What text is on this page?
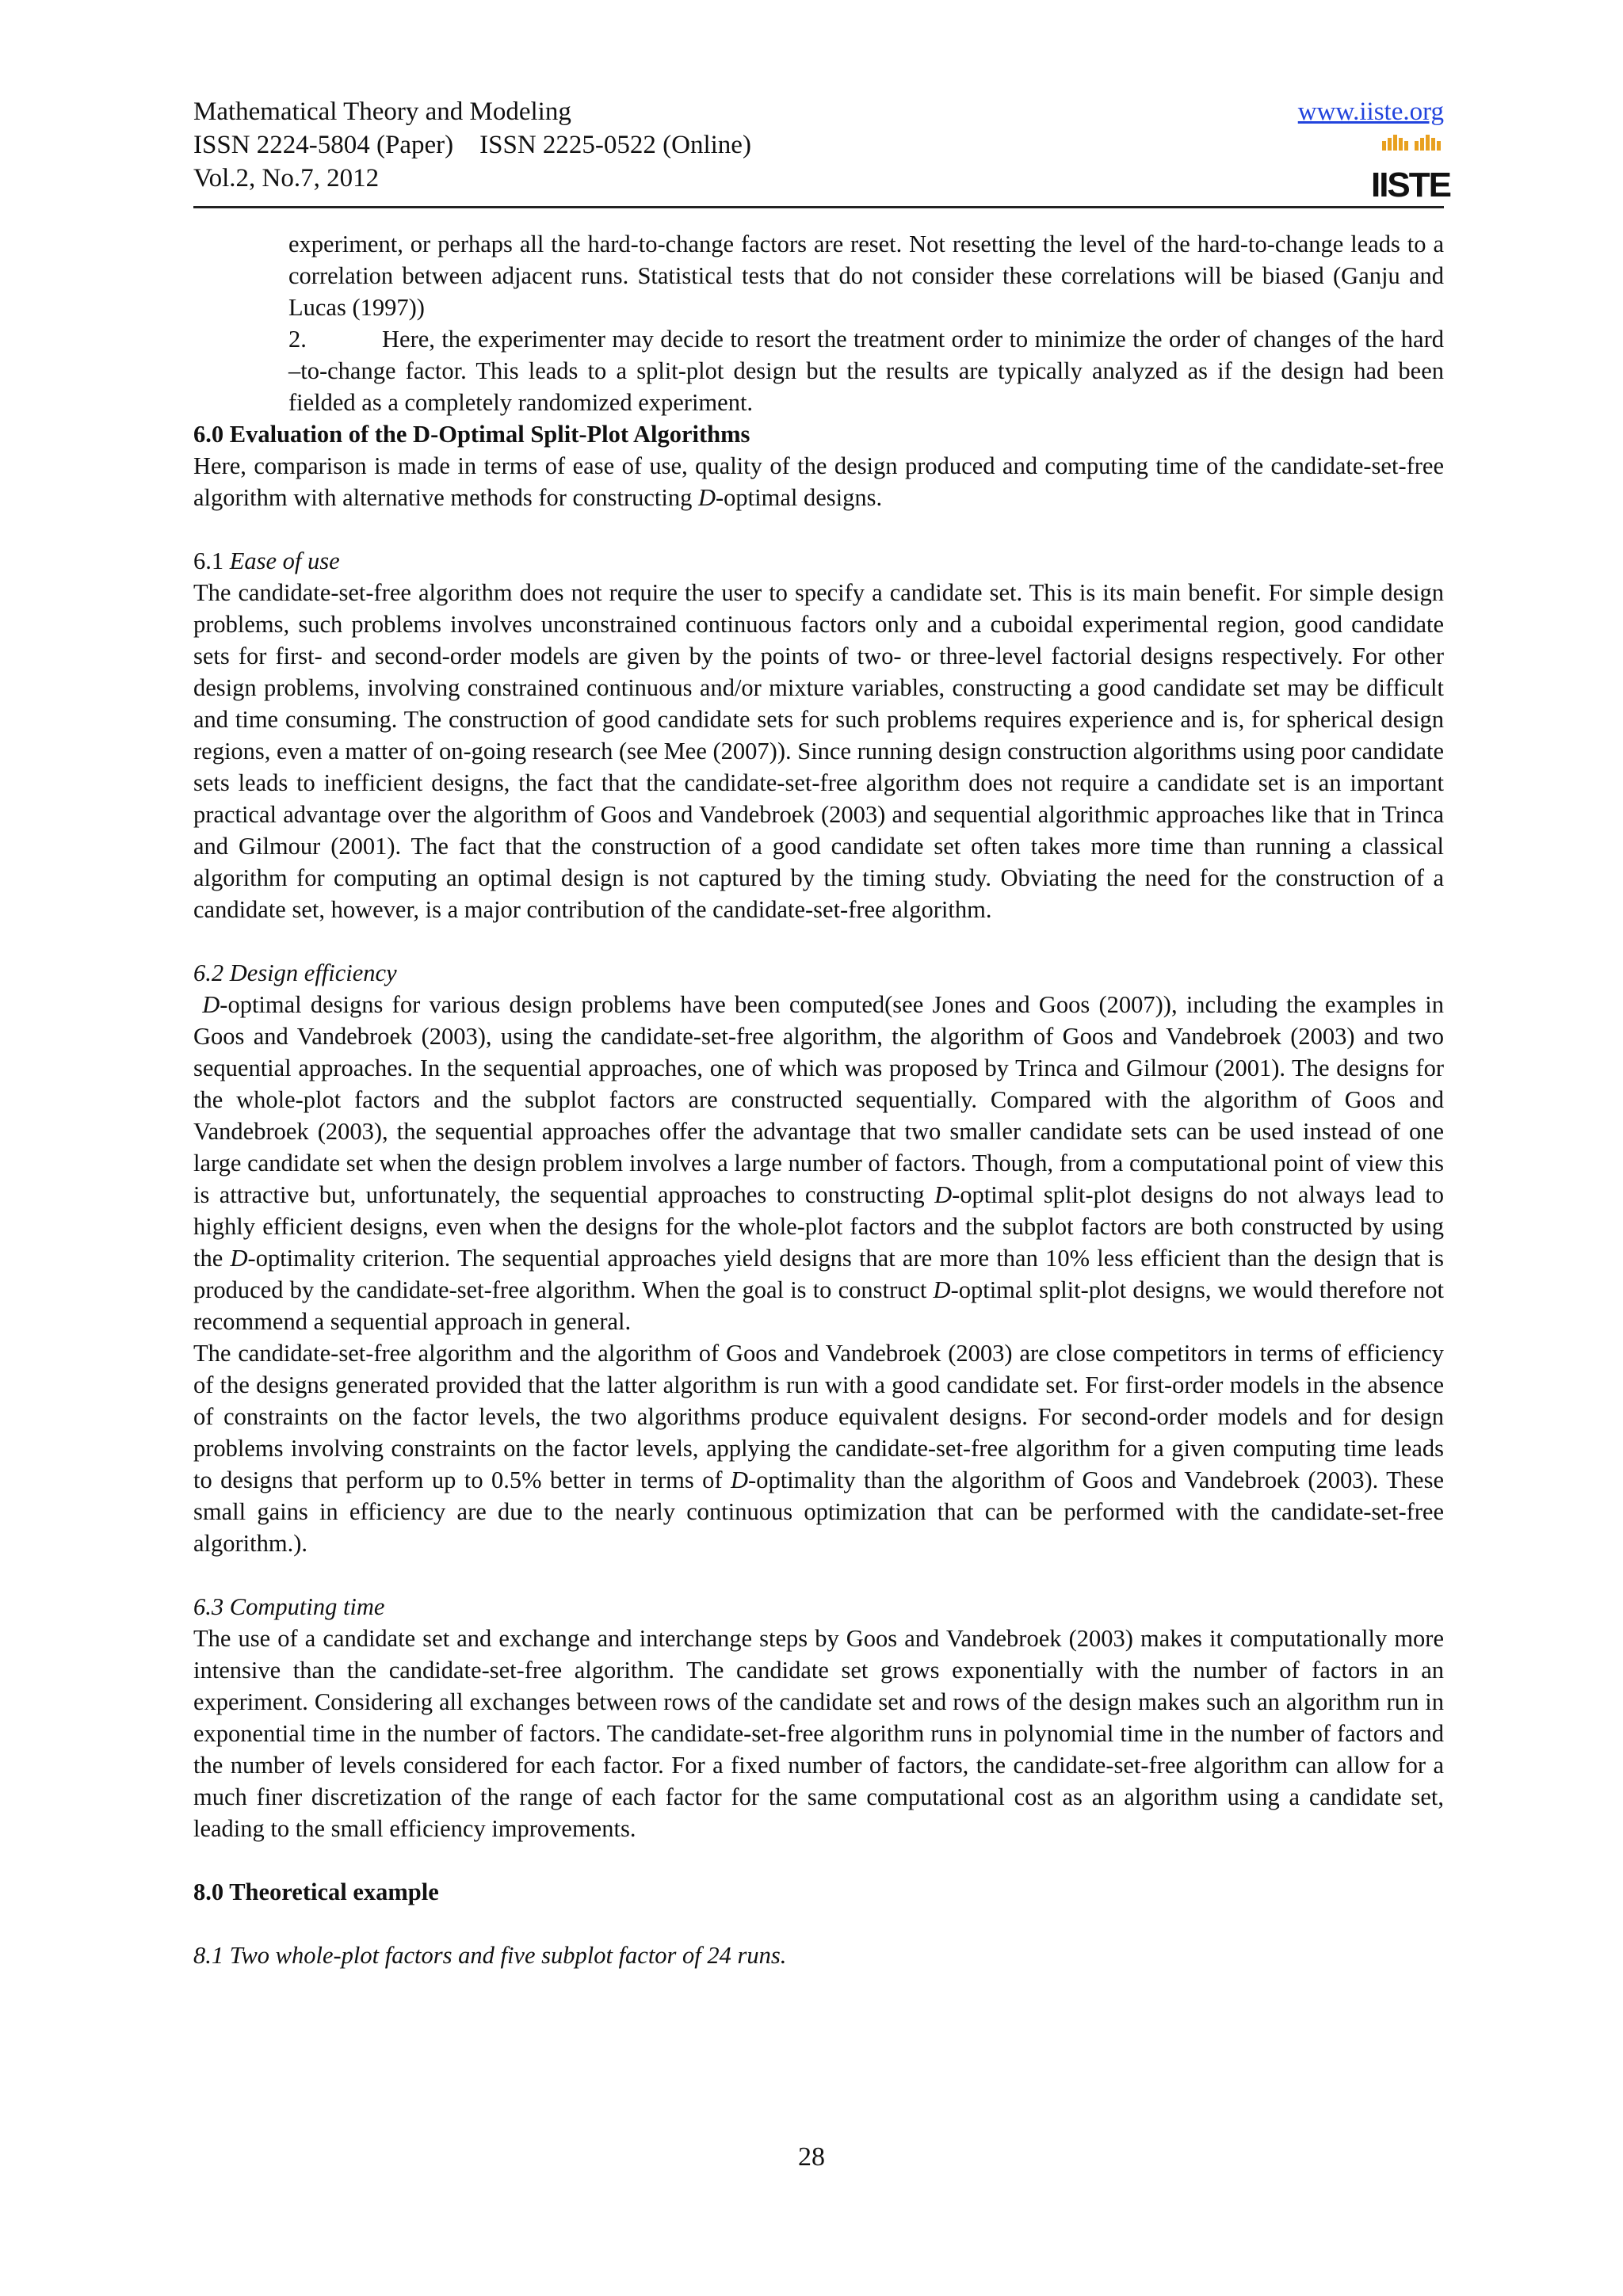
Mathematical Theory and Modeling
ISSN 2224-5804 (Paper)    ISSN 2225-0522 (Online)
Vol.2, No.7, 2012
www.iiste.org
IISTE

experiment, or perhaps all the hard-to-change factors are reset. Not resetting the level of the hard-to-change leads to a correlation between adjacent runs. Statistical tests that do not consider these correlations will be biased (Ganju and Lucas (1997))

2.	Here, the experimenter may decide to resort the treatment order to minimize the order of changes of the hard –to-change factor. This leads to a split-plot design but the results are typically analyzed as if the design had been fielded as a completely randomized experiment.

6.0 Evaluation of the D-Optimal Split-Plot Algorithms

Here, comparison is made in terms of ease of use, quality of the design produced and computing time of the candidate-set-free algorithm with alternative methods for constructing D-optimal designs.

6.1 Ease of use

The candidate-set-free algorithm does not require the user to specify a candidate set. This is its main benefit. For simple design problems, such problems involves unconstrained continuous factors only and a cuboidal experimental region, good candidate sets for first- and second-order models are given by the points of two- or three-level factorial designs respectively. For other design problems, involving constrained continuous and/or mixture variables, constructing a good candidate set may be difficult and time consuming. The construction of good candidate sets for such problems requires experience and is, for spherical design regions, even a matter of on-going research (see Mee (2007)). Since running design construction algorithms using poor candidate sets leads to inefficient designs, the fact that the candidate-set-free algorithm does not require a candidate set is an important practical advantage over the algorithm of Goos and Vandebroek (2003) and sequential algorithmic approaches like that in Trinca and Gilmour (2001). The fact that the construction of a good candidate set often takes more time than running a classical algorithm for computing an optimal design is not captured by the timing study. Obviating the need for the construction of a candidate set, however, is a major contribution of the candidate-set-free algorithm.

6.2 Design efficiency

D-optimal designs for various design problems have been computed(see Jones and Goos (2007)), including the examples in Goos and Vandebroek (2003), using the candidate-set-free algorithm, the algorithm of Goos and Vandebroek (2003) and two sequential approaches. In the sequential approaches, one of which was proposed by Trinca and Gilmour (2001). The designs for the whole-plot factors and the subplot factors are constructed sequentially. Compared with the algorithm of Goos and Vandebroek (2003), the sequential approaches offer the advantage that two smaller candidate sets can be used instead of one large candidate set when the design problem involves a large number of factors. Though, from a computational point of view this is attractive but, unfortunately, the sequential approaches to constructing D-optimal split-plot designs do not always lead to highly efficient designs, even when the designs for the whole-plot factors and the subplot factors are both constructed by using the D-optimality criterion. The sequential approaches yield designs that are more than 10% less efficient than the design that is produced by the candidate-set-free algorithm. When the goal is to construct D-optimal split-plot designs, we would therefore not recommend a sequential approach in general.

The candidate-set-free algorithm and the algorithm of Goos and Vandebroek (2003) are close competitors in terms of efficiency of the designs generated provided that the latter algorithm is run with a good candidate set. For first-order models in the absence of constraints on the factor levels, the two algorithms produce equivalent designs. For second-order models and for design problems involving constraints on the factor levels, applying the candidate-set-free algorithm for a given computing time leads to designs that perform up to 0.5% better in terms of D-optimality than the algorithm of Goos and Vandebroek (2003). These small gains in efficiency are due to the nearly continuous optimization that can be performed with the candidate-set-free algorithm.).

6.3 Computing time

The use of a candidate set and exchange and interchange steps by Goos and Vandebroek (2003) makes it computationally more intensive than the candidate-set-free algorithm. The candidate set grows exponentially with the number of factors in an experiment. Considering all exchanges between rows of the candidate set and rows of the design makes such an algorithm run in exponential time in the number of factors. The candidate-set-free algorithm runs in polynomial time in the number of factors and the number of levels considered for each factor. For a fixed number of factors, the candidate-set-free algorithm can allow for a much finer discretization of the range of each factor for the same computational cost as an algorithm using a candidate set, leading to the small efficiency improvements.

8.0 Theoretical example

8.1 Two whole-plot factors and five subplot factor of 24 runs.

28
